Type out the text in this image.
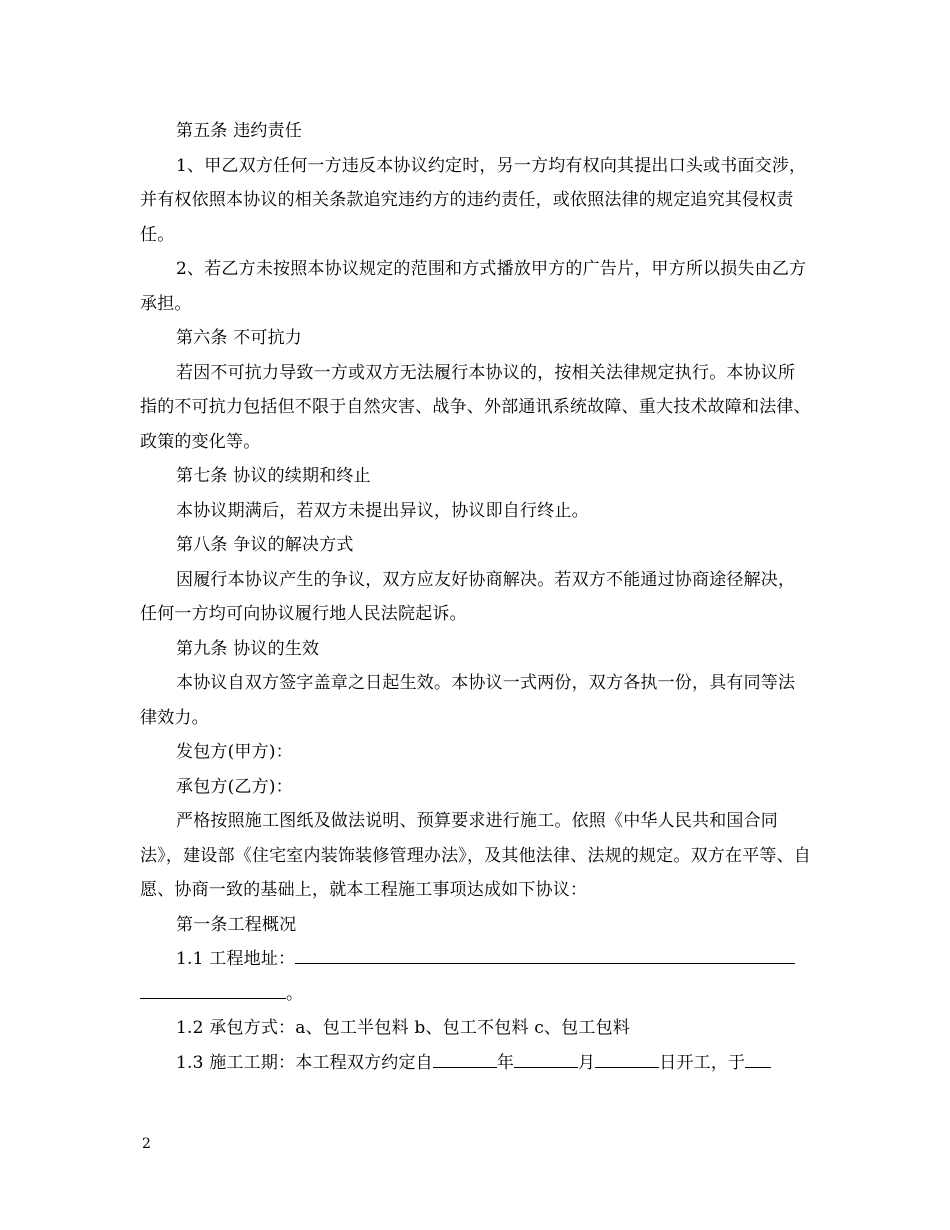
第五条 违约责任

1、甲乙双方任何一方违反本协议约定时，另一方均有权向其提出口头或书面交涉，并有权依照本协议的相关条款追究违约方的违约责任，或依照法律的规定追究其侵权责任。

2、若乙方未按照本协议规定的范围和方式播放甲方的广告片，甲方所以损失由乙方承担。

第六条 不可抗力

若因不可抗力导致一方或双方无法履行本协议的，按相关法律规定执行。本协议所指的不可抗力包括但不限于自然灾害、战争、外部通讯系统故障、重大技术故障和法律、政策的变化等。

第七条 协议的续期和终止

本协议期满后，若双方未提出异议，协议即自行终止。

第八条 争议的解决方式

因履行本协议产生的争议，双方应友好协商解决。若双方不能通过协商途径解决，任何一方均可向协议履行地人民法院起诉。

第九条 协议的生效

本协议自双方签字盖章之日起生效。本协议一式两份，双方各执一份，具有同等法律效力。

发包方(甲方)：

承包方(乙方)：

严格按照施工图纸及做法说明、预算要求进行施工。依照《中华人民共和国合同法》，建设部《住宅室内装饰装修管理办法》，及其他法律、法规的规定。双方在平等、自愿、协商一致的基础上，就本工程施工事项达成如下协议：

第一条工程概况

1.1 工程地址：

。

1.2 承包方式：a、包工半包料 b、包工不包料 c、包工包料

1.3 施工工期：本工程双方约定自	年	月	日开工，于

2
